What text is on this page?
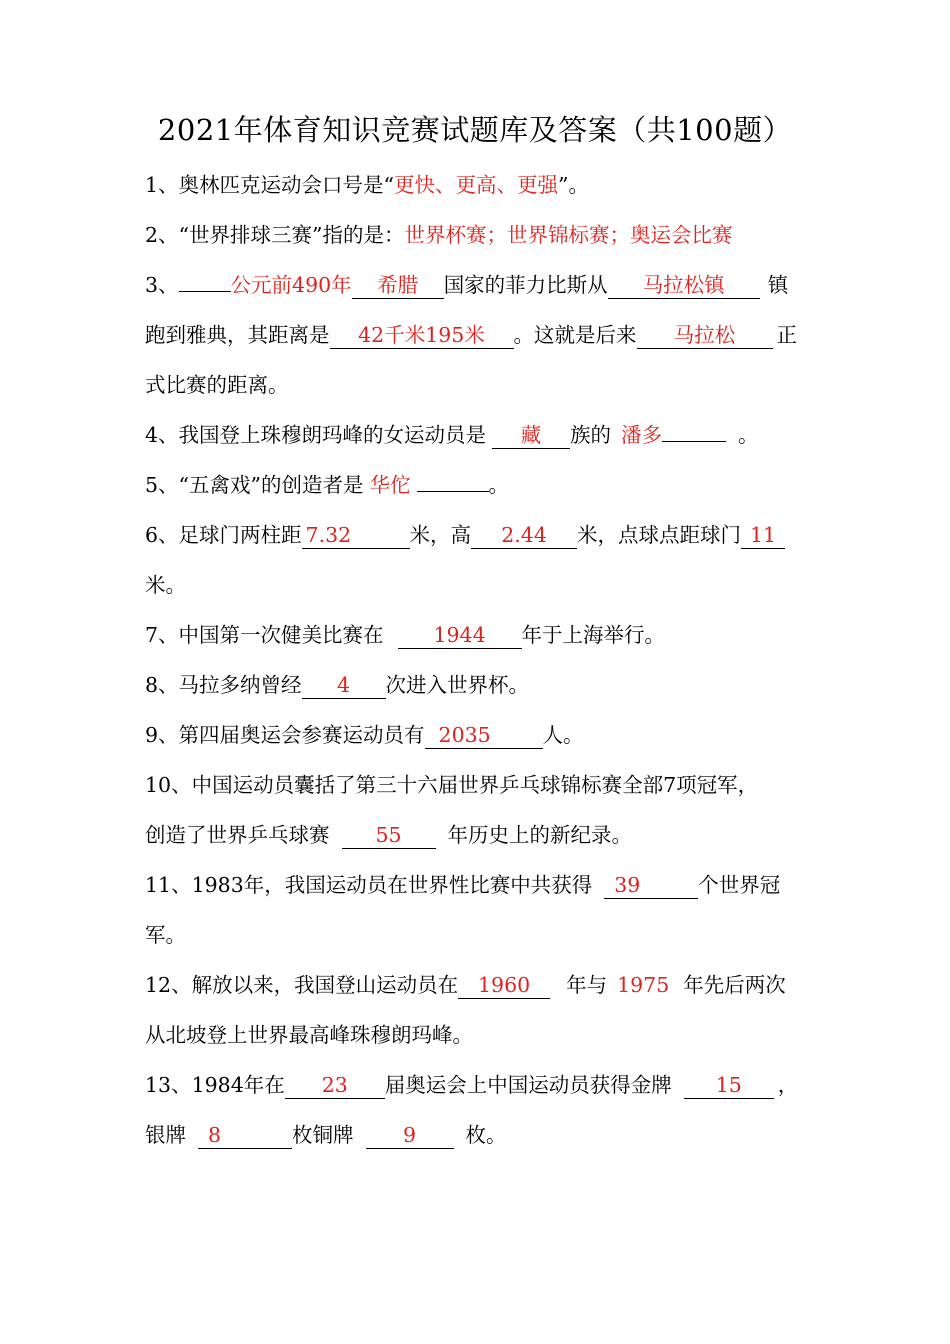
2021年体育知识竞赛试题库及答案（共100题）
1、奥林匹克运动会口号是“更快、更高、更强”。
2、“世界排球三赛”指的是：世界杯赛；世界锦标赛；奥运会比赛
3、	公元前490年 希腊 国家的菲力比斯从 马拉松镇 镇
跑到雅典，其距离是 42千米195米 。这就是后来 马拉松 正
式比赛的距离。
4、我国登上珠穆朗玛峰的女运动员是 藏 族的 潘多	。
5、“五禽戏”的创造者是 华佗	。
6、足球门两柱距 7.32	米，高 2.44 米，点球点距球门 11
米。
7、中国第一次健美比赛在 1944 年于上海举行。
8、马拉多纳曾经 4 次进入世界杯。
9、第四届奥运会参赛运动员有 2035	人。
10、中国运动员囊括了第三十六届世界乒乓球锦标赛全部7项冠军，
创造了世界乒乓球赛 55 年历史上的新纪录。
11、1983年，我国运动员在世界性比赛中共获得 39	个世界冠
军。
12、解放以来，我国登山运动员在 1960 年与 1975 年先后两次
从北坡登上世界最高峰珠穆朗玛峰。
13、1984年在 23 届奥运会上中国运动员获得金牌 15 ，
银牌 8	枚铜牌 9 枚。
